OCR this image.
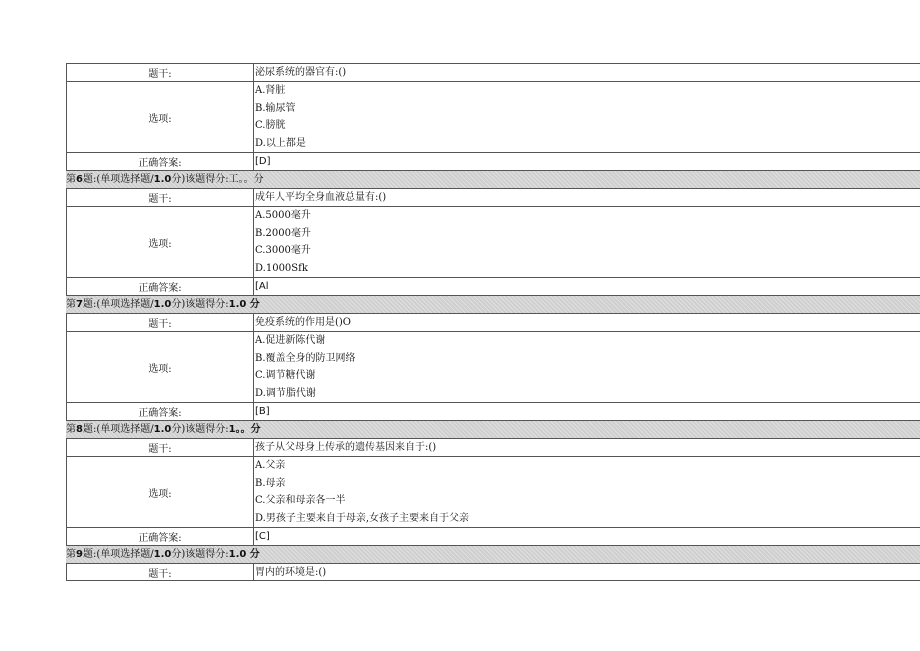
题干:	泌尿系统的器官有:()
选项:
A.肾脏
B.输尿管
C.膀胱
D.以上都是
正确答案:	[D]
第6题:(单项选择题/1.0分)该题得分:工。。分
题干:	成年人平均全身血液总量有:()
选项:
A.5000毫升
B.2000毫升
C.3000毫升
D.1000Sfk
正确答案:	[Al
第7题:(单项选择题/1.0分)该题得分:1.0 分
题干:	免疫系统的作用是()O
选项:
A.促进新陈代谢
B.覆盖全身的防卫网络
C.调节糖代谢
D.调节脂代谢
正确答案:	[B]
第8题:(单项选择题/1.0分)该题得分:1。。分
题干:	孩子从父母身上传承的遗传基因来自于:()
选项:
A.父亲
B.母亲
C.父亲和母亲各一半
D.男孩子主要来自于母亲,女孩子主要来自于父亲
正确答案:	[C]
第9题:(单项选择题/1.0分)该题得分:1.0 分
题干:	胃内的环境是:()
